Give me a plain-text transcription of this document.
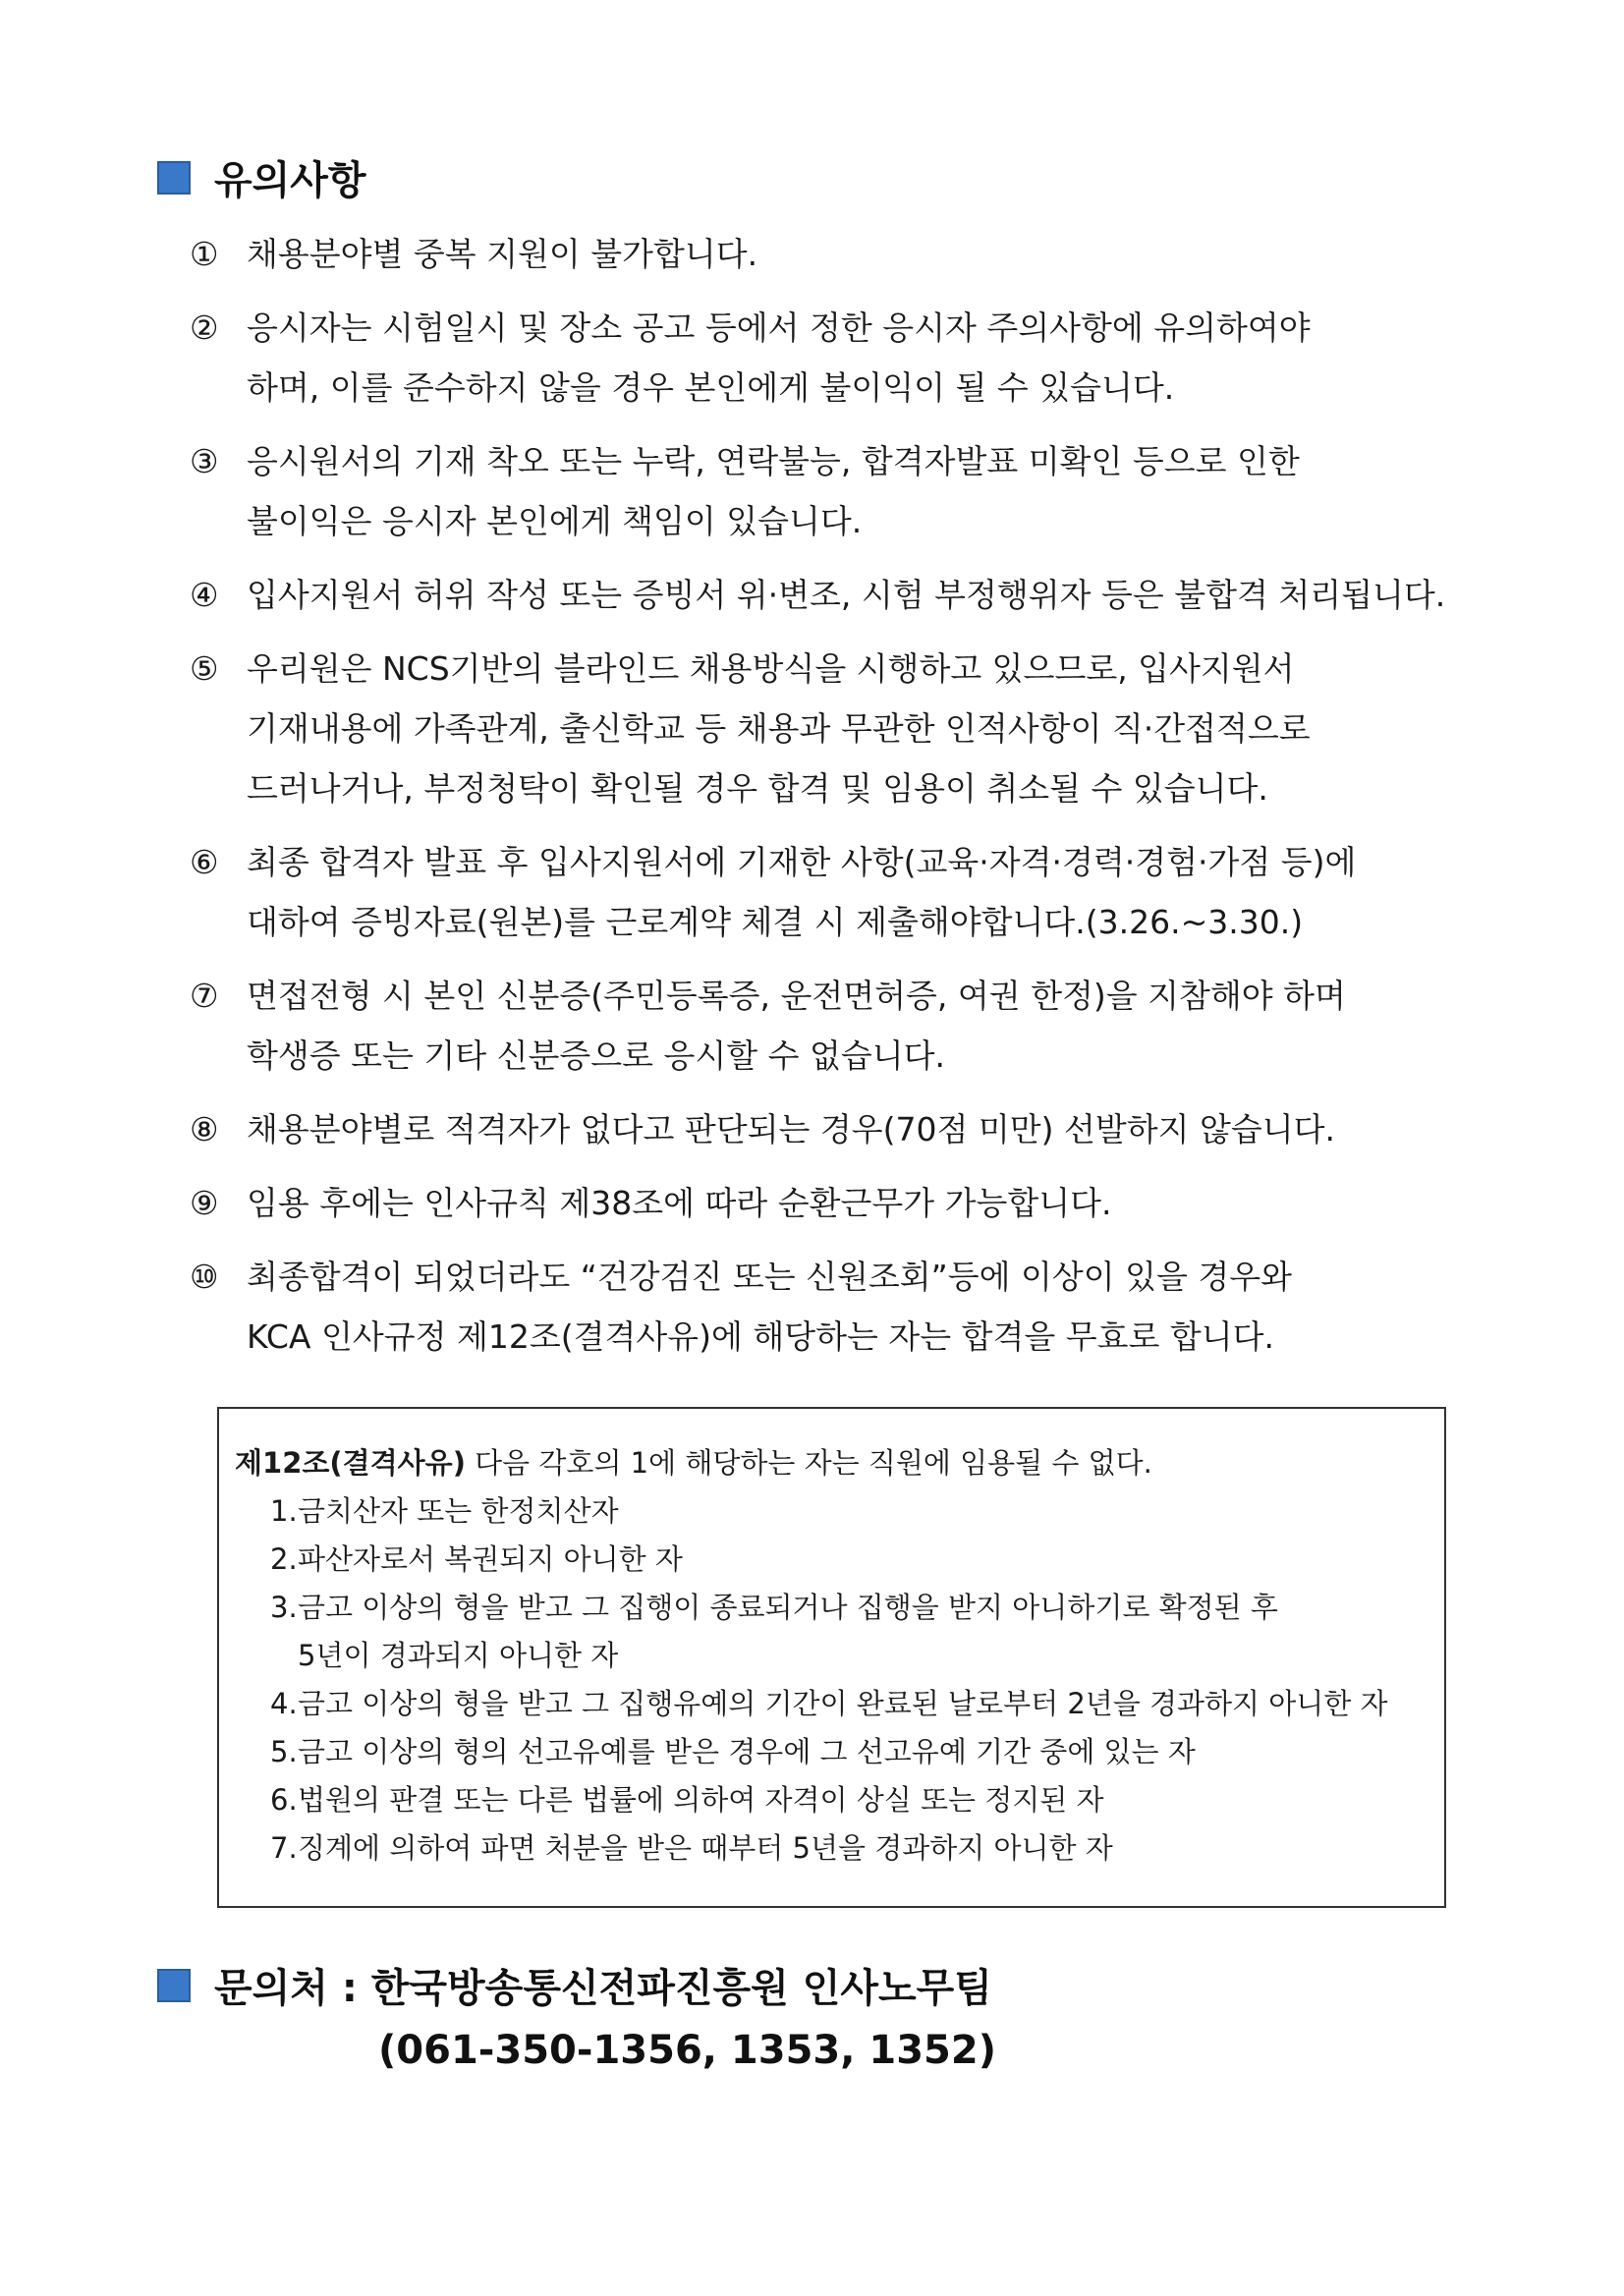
유의사항
① 채용분야별 중복 지원이 불가합니다.
② 응시자는 시험일시 및 장소 공고 등에서 정한 응시자 주의사항에 유의하여야
하며, 이를 준수하지 않을 경우 본인에게 불이익이 될 수 있습니다.
③ 응시원서의 기재 착오 또는 누락, 연락불능, 합격자발표 미확인 등으로 인한
불이익은 응시자 본인에게 책임이 있습니다.
④ 입사지원서 허위 작성 또는 증빙서 위·변조, 시험 부정행위자 등은 불합격 처리됩니다.
⑤ 우리원은 NCS기반의 블라인드 채용방식을 시행하고 있으므로, 입사지원서
기재내용에 가족관계, 출신학교 등 채용과 무관한 인적사항이 직·간접적으로
드러나거나, 부정청탁이 확인될 경우 합격 및 임용이 취소될 수 있습니다.
⑥ 최종 합격자 발표 후 입사지원서에 기재한 사항(교육·자격·경력·경험·가점 등)에
대하여 증빙자료(원본)를 근로계약 체결 시 제출해야합니다.(3.26.~3.30.)
⑦ 면접전형 시 본인 신분증(주민등록증, 운전면허증, 여권 한정)을 지참해야 하며
학생증 또는 기타 신분증으로 응시할 수 없습니다.
⑧ 채용분야별로 적격자가 없다고 판단되는 경우(70점 미만) 선발하지 않습니다.
⑨ 임용 후에는 인사규칙 제38조에 따라 순환근무가 가능합니다.
⑩ 최종합격이 되었더라도 “건강검진 또는 신원조회”등에 이상이 있을 경우와
KCA 인사규정 제12조(결격사유)에 해당하는 자는 합격을 무효로 합니다.
제12조(결격사유) 다음 각호의 1에 해당하는 자는 직원에 임용될 수 없다.
1. 금치산자 또는 한정치산자
2. 파산자로서 복권되지 아니한 자
3. 금고 이상의 형을 받고 그 집행이 종료되거나 집행을 받지 아니하기로 확정된 후
5년이 경과되지 아니한 자
4. 금고 이상의 형을 받고 그 집행유예의 기간이 완료된 날로부터 2년을 경과하지 아니한 자
5. 금고 이상의 형의 선고유예를 받은 경우에 그 선고유예 기간 중에 있는 자
6. 법원의 판결 또는 다른 법률에 의하여 자격이 상실 또는 정지된 자
7. 징계에 의하여 파면 처분을 받은 때부터 5년을 경과하지 아니한 자
문의처 : 한국방송통신전파진흥원 인사노무팀
(061-350-1356, 1353, 1352)
